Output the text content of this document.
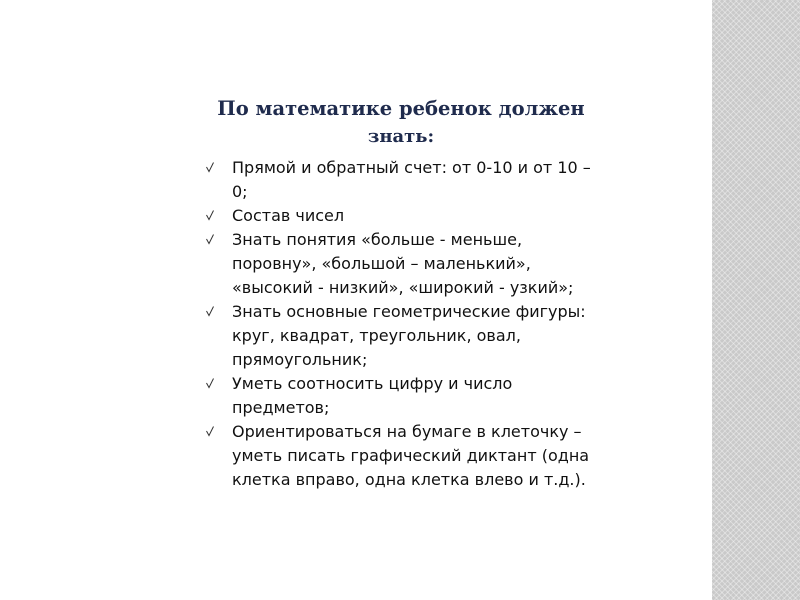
По математике ребенок должен
знать:
Прямой и обратный счет: от 0-10 и от 10 – 0;
Состав чисел
Знать понятия «больше - меньше, поровну», «большой – маленький», «высокий - низкий», «широкий - узкий»;
Знать основные геометрические фигуры: круг, квадрат, треугольник, овал, прямоугольник;
Уметь соотносить цифру и число предметов;
Ориентироваться на бумаге в клеточку – уметь писать графический диктант (одна клетка вправо, одна клетка влево и т.д.).
